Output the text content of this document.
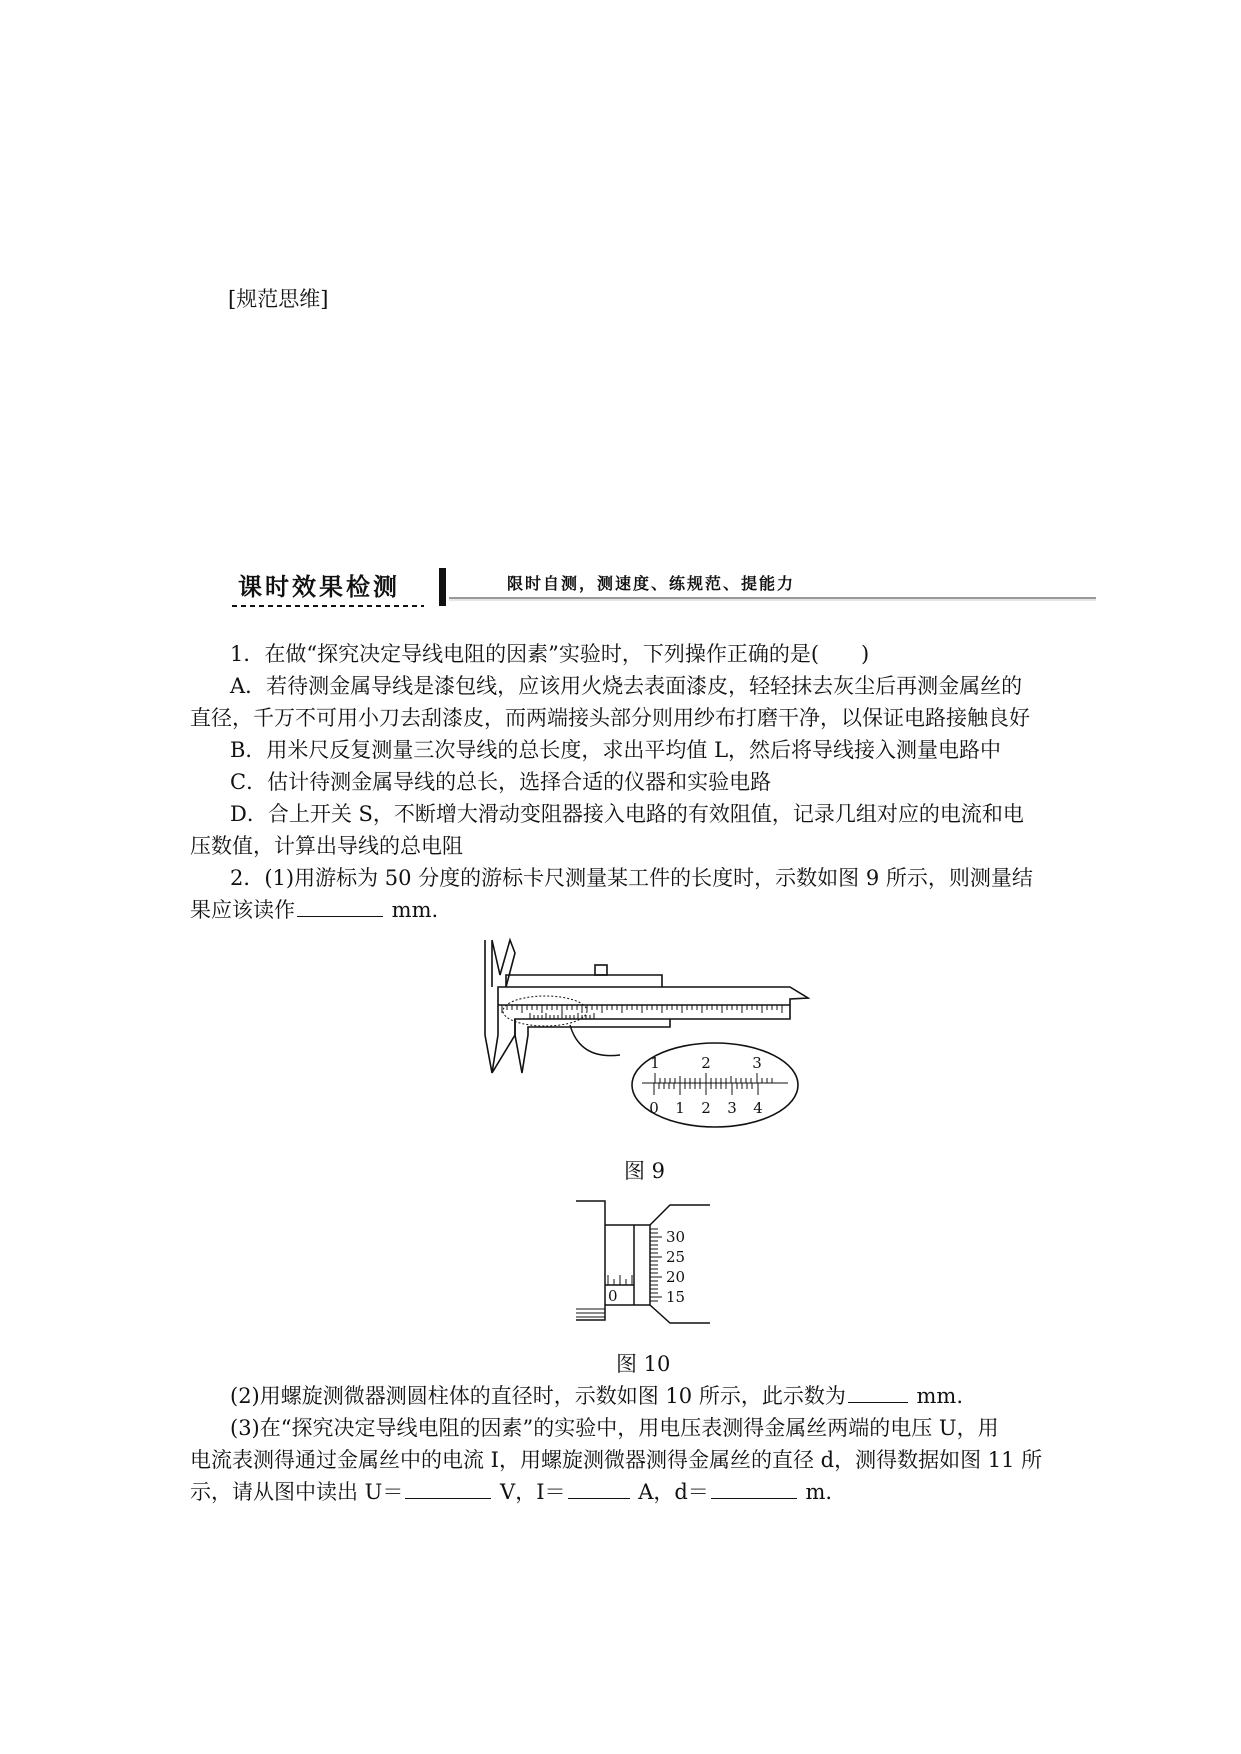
[规范思维]
课时效果检测	限时自测，测速度、练规范、提能力
1．在做“探究决定导线电阻的因素”实验时，下列操作正确的是(　　)
A．若待测金属导线是漆包线，应该用火烧去表面漆皮，轻轻抹去灰尘后再测金属丝的
直径，千万不可用小刀去刮漆皮，而两端接头部分则用纱布打磨干净，以保证电路接触良好
B．用米尺反复测量三次导线的总长度，求出平均值 L，然后将导线接入测量电路中
C．估计待测金属导线的总长，选择合适的仪器和实验电路
D．合上开关 S，不断增大滑动变阻器接入电路的有效阻值，记录几组对应的电流和电
压数值，计算出导线的总电阻
2．(1)用游标为 50 分度的游标卡尺测量某工件的长度时，示数如图 9 所示，则测量结
果应该读作	mm.
1	2	3
0 1 2 3 4
图 9
30
25
20
15
0
图 10
(2)用螺旋测微器测圆柱体的直径时，示数如图 10 所示，此示数为	mm.
(3)在“探究决定导线电阻的因素”的实验中，用电压表测得金属丝两端的电压 U，用
电流表测得通过金属丝中的电流 I，用螺旋测微器测得金属丝的直径 d，测得数据如图 11 所
示，请从图中读出 U＝	V，I＝	A，d＝	m.
